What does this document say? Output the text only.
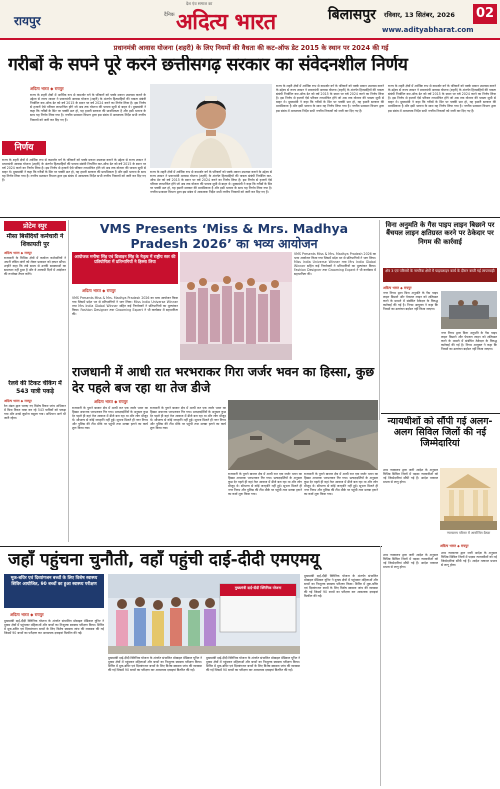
रायपुर
देश एंव समाज का
अदित्य भारत
दैनिक	बिलासपुर रविवार, 13 सितंबर, 2026 02
www.adityabharat.com
प्रधानमंत्री आवास योजना (शहरी) के लिए नियमों की वैधता की कट-ऑफ डेट 2015 के स्थान पर 2024 की गई
गरीबों के सपने पूरे करने छत्तीसगढ़ सरकार का संवेदनशील निर्णय
अदित्य भारत ◆ रायपुर
राज्य के शहरी क्षेत्रों में आर्थिक रूप से कमजोर वर्ग के परिवारों को पक्के मकान उपलब्ध कराने के उद्देश्य से राज्य शासन ने प्रधानमंत्री आवास योजना (शहरी) के अंतर्गत हितग्राहियों की पात्रता संबंधी निर्धारित कट-ऑफ डेट को वर्ष 2015 के स्थान पर वर्ष 2024 करने का निर्णय लिया है। इस निर्णय से हजारों ऐसे परिवार लाभान्वित होंगे जो अब तक योजना की पात्रता सूची से बाहर थे। मुख्यमंत्री ने कहा कि गरीबों के सिर पर पक्की छत हो, यह हमारी सरकार की प्राथमिकता है और इसी भावना के साथ यह निर्णय लिया गया है। नगरीय प्रशासन विभाग द्वारा इस संबंध में आवश्यक निर्देश सभी नगरीय निकायों को जारी कर दिए गए हैं।
निर्णय
राज्य के शहरी क्षेत्रों में आर्थिक रूप से कमजोर वर्ग के परिवारों को पक्के मकान उपलब्ध कराने के उद्देश्य से राज्य शासन ने प्रधानमंत्री आवास योजना (शहरी) के अंतर्गत हितग्राहियों की पात्रता संबंधी निर्धारित कट-ऑफ डेट को वर्ष 2015 के स्थान पर वर्ष 2024 करने का निर्णय लिया है। इस निर्णय से हजारों ऐसे परिवार लाभान्वित होंगे जो अब तक योजना की पात्रता सूची से बाहर थे। मुख्यमंत्री ने कहा कि गरीबों के सिर पर पक्की छत हो, यह हमारी सरकार की प्राथमिकता है और इसी भावना के साथ यह निर्णय लिया गया है। नगरीय प्रशासन विभाग द्वारा इस संबंध में आवश्यक निर्देश सभी नगरीय निकायों को जारी कर दिए गए हैं।
राज्य के शहरी क्षेत्रों में आर्थिक रूप से कमजोर वर्ग के परिवारों को पक्के मकान उपलब्ध कराने के उद्देश्य से राज्य शासन ने प्रधानमंत्री आवास योजना (शहरी) के अंतर्गत हितग्राहियों की पात्रता संबंधी निर्धारित कट-ऑफ डेट को वर्ष 2015 के स्थान पर वर्ष 2024 करने का निर्णय लिया है। इस निर्णय से हजारों ऐसे परिवार लाभान्वित होंगे जो अब तक योजना की पात्रता सूची से बाहर थे। मुख्यमंत्री ने कहा कि गरीबों के सिर पर पक्की छत हो, यह हमारी सरकार की प्राथमिकता है और इसी भावना के साथ यह निर्णय लिया गया है। नगरीय प्रशासन विभाग द्वारा इस संबंध में आवश्यक निर्देश सभी नगरीय निकायों को जारी कर दिए गए हैं।
राज्य के शहरी क्षेत्रों में आर्थिक रूप से कमजोर वर्ग के परिवारों को पक्के मकान उपलब्ध कराने के उद्देश्य से राज्य शासन ने प्रधानमंत्री आवास योजना (शहरी) के अंतर्गत हितग्राहियों की पात्रता संबंधी निर्धारित कट-ऑफ डेट को वर्ष 2015 के स्थान पर वर्ष 2024 करने का निर्णय लिया है। इस निर्णय से हजारों ऐसे परिवार लाभान्वित होंगे जो अब तक योजना की पात्रता सूची से बाहर थे। मुख्यमंत्री ने कहा कि गरीबों के सिर पर पक्की छत हो, यह हमारी सरकार की प्राथमिकता है और इसी भावना के साथ यह निर्णय लिया गया है। नगरीय प्रशासन विभाग द्वारा इस संबंध में आवश्यक निर्देश सभी नगरीय निकायों को जारी कर दिए गए हैं।
राज्य के शहरी क्षेत्रों में आर्थिक रूप से कमजोर वर्ग के परिवारों को पक्के मकान उपलब्ध कराने के उद्देश्य से राज्य शासन ने प्रधानमंत्री आवास योजना (शहरी) के अंतर्गत हितग्राहियों की पात्रता संबंधी निर्धारित कट-ऑफ डेट को वर्ष 2015 के स्थान पर वर्ष 2024 करने का निर्णय लिया है। इस निर्णय से हजारों ऐसे परिवार लाभान्वित होंगे जो अब तक योजना की पात्रता सूची से बाहर थे। मुख्यमंत्री ने कहा कि गरीबों के सिर पर पक्की छत हो, यह हमारी सरकार की प्राथमिकता है और इसी भावना के साथ यह निर्णय लिया गया है। नगरीय प्रशासन विभाग द्वारा इस संबंध में आवश्यक निर्देश सभी नगरीय निकायों को जारी कर दिए गए हैं।
प्रोटेम स्पुर
मीसा बिसेंदियों कर्मचारी ने शिकायती पुर
अदित्य भारत ◆ रायपुर
राजधानी के विभिन्न क्षेत्रों में कार्यरत कर्मचारियों ने अपनी लंबित मांगों को लेकर प्रशासन को ज्ञापन सौंपा। उन्होंने कहा कि लंबे समय से उनकी समस्याओं का समाधान नहीं हुआ है और वे आगामी दिनों में आंदोलन की रूपरेखा तैयार करेंगे।
रेलवे की टिकट चेकिंग में 543 यात्री पकड़े
अदित्य भारत ◆ रायपुर
रेल मंडल द्वारा चलाए गए विशेष टिकट जांच अभियान में बिना टिकट यात्रा कर रहे 543 यात्रियों को पकड़ा गया और उनसे जुर्माना वसूला गया। अभियान आगे भी जारी रहेगा।
VMS Presents ‘Miss & Mrs. Madhya Pradesh 2026’ का भव्य आयोजन
आयोजक मनीषा सिंह एवं डिजाइन सिंह के नेतृत्व में राष्ट्रीय स्तर की प्रतियोगिता में प्रतिभागियों ने हिस्सा लिया
अदित्य भारत ◆ रायपुर
VMS Presents Miss & Mrs. Madhya Pradesh 2026 का भव्य आयोजन किया गया जिसमें प्रदेश भर से प्रतिभागियों ने भाग लिया। Miss India Universe Winner तथा Mrs India Global Winner सहित कई निर्णायकों ने प्रतिभागियों का मूल्यांकन किया। Fashion Designer तथा Grooming Expert ने भी कार्यक्रम में सहभागिता की।
VMS Presents Miss & Mrs. Madhya Pradesh 2026 का भव्य आयोजन किया गया जिसमें प्रदेश भर से प्रतिभागियों ने भाग लिया। Miss India Universe Winner तथा Mrs India Global Winner सहित कई निर्णायकों ने प्रतिभागियों का मूल्यांकन किया। Fashion Designer तथा Grooming Expert ने भी कार्यक्रम में सहभागिता की।
विना अनुमति के गैस पाइप लाइन बिछाने पर बैंचयल लाइन क्षतिग्रस्त करने पर ठेकेदार पर निगम की कार्रवाई
क्षेत्र 3 एवं परिसरों के नागरिक क्षेत्रों में पाइपलाइन कार्य के दौरान बरती गई लापरवाही
अदित्य भारत ◆ रायपुर
नगर निगम द्वारा बिना अनुमति के गैस पाइप लाइन बिछाने और पेयजल लाइन को क्षतिग्रस्त करने के मामले में संबंधित ठेकेदार के विरुद्ध कार्रवाई की गई है। निगम आयुक्त ने कहा कि नियमों का उल्लंघन बर्दाश्त नहीं किया जाएगा।
नगर निगम द्वारा बिना अनुमति के गैस पाइप लाइन बिछाने और पेयजल लाइन को क्षतिग्रस्त करने के मामले में संबंधित ठेकेदार के विरुद्ध कार्रवाई की गई है। निगम आयुक्त ने कहा कि नियमों का उल्लंघन बर्दाश्त नहीं किया जाएगा।
न्यायधीशों को सौंपी गई अलग-अलग सिविल जिलों की नई जिम्मेदारियां
न्यायालय परिसर में आयोजित बैठक
अदित्य भारत ◆ रायपुर
राजधानी में आधी रात भरभराकर गिरा जर्जर भवन का हिस्सा, कुछ देर पहले बज रहा था तेज डीजे
अदित्य भारत ◆ रायपुर
राजधानी के पुराने बाजार क्षेत्र में आधी रात एक जर्जर भवन का हिस्सा अचानक भरभराकर गिर गया। प्रत्यक्षदर्शियों के अनुसार कुछ देर पहले ही वहां तेज आवाज में डीजे बज रहा था और लोग मौजूद थे। सौभाग्य से कोई जनहानि नहीं हुई। सूचना मिलते ही नगर निगम और पुलिस की टीम मौके पर पहुंची तथा मलबा हटाने का कार्य शुरू किया गया।
राजधानी के पुराने बाजार क्षेत्र में आधी रात एक जर्जर भवन का हिस्सा अचानक भरभराकर गिर गया। प्रत्यक्षदर्शियों के अनुसार कुछ देर पहले ही वहां तेज आवाज में डीजे बज रहा था और लोग मौजूद थे। सौभाग्य से कोई जनहानि नहीं हुई। सूचना मिलते ही नगर निगम और पुलिस की टीम मौके पर पहुंची तथा मलबा हटाने का कार्य शुरू किया गया।
राजधानी के पुराने बाजार क्षेत्र में आधी रात एक जर्जर भवन का हिस्सा अचानक भरभराकर गिर गया। प्रत्यक्षदर्शियों के अनुसार कुछ देर पहले ही वहां तेज आवाज में डीजे बज रहा था और लोग मौजूद थे। सौभाग्य से कोई जनहानि नहीं हुई। सूचना मिलते ही नगर निगम और पुलिस की टीम मौके पर पहुंची तथा मलबा हटाने का कार्य शुरू किया गया।
राजधानी के पुराने बाजार क्षेत्र में आधी रात एक जर्जर भवन का हिस्सा अचानक भरभराकर गिर गया। प्रत्यक्षदर्शियों के अनुसार कुछ देर पहले ही वहां तेज आवाज में डीजे बज रहा था और लोग मौजूद थे। सौभाग्य से कोई जनहानि नहीं हुई। सूचना मिलते ही नगर निगम और पुलिस की टीम मौके पर पहुंची तथा मलबा हटाने का कार्य शुरू किया गया।
उच्च न्यायालय द्वारा जारी आदेश के अनुसार विभिन्न सिविल जिलों में पदस्थ न्यायाधीशों को नई जिम्मेदारियां सौंपी गई हैं। आदेश तत्काल प्रभाव से लागू होगा।
जहाँ पहुंचना चुनौती, वहाँ पहुंची दाई-दीदी एमएमयू
मूक-बधिर एवं दिव्यांगजन बच्चों के लिए विशेष स्वास्थ्य शिविर आयोजित, 90 बच्चों का हुआ स्वास्थ्य परीक्षण
अदित्य भारत ◆ रायपुर
मुख्यमंत्री दाई-दीदी क्लिनिक योजना के अंतर्गत संचालित मोबाइल मेडिकल यूनिट ने दूरस्थ क्षेत्रों में पहुंचकर महिलाओं और बच्चों का निःशुल्क स्वास्थ्य परीक्षण किया। शिविर में मूक-बधिर एवं दिव्यांगजन बच्चों के लिए विशेष स्वास्थ्य जांच की व्यवस्था की गई जिसमें 90 बच्चों का परीक्षण कर आवश्यक दवाइयां वितरित की गईं।
मुख्यमंत्री दाई-दीदी क्लिनिक योजना
मुख्यमंत्री दाई-दीदी क्लिनिक योजना के अंतर्गत संचालित मोबाइल मेडिकल यूनिट ने दूरस्थ क्षेत्रों में पहुंचकर महिलाओं और बच्चों का निःशुल्क स्वास्थ्य परीक्षण किया। शिविर में मूक-बधिर एवं दिव्यांगजन बच्चों के लिए विशेष स्वास्थ्य जांच की व्यवस्था की गई जिसमें 90 बच्चों का परीक्षण कर आवश्यक दवाइयां वितरित की गईं।
मुख्यमंत्री दाई-दीदी क्लिनिक योजना के अंतर्गत संचालित मोबाइल मेडिकल यूनिट ने दूरस्थ क्षेत्रों में पहुंचकर महिलाओं और बच्चों का निःशुल्क स्वास्थ्य परीक्षण किया। शिविर में मूक-बधिर एवं दिव्यांगजन बच्चों के लिए विशेष स्वास्थ्य जांच की व्यवस्था की गई जिसमें 90 बच्चों का परीक्षण कर आवश्यक दवाइयां वितरित की गईं।
मुख्यमंत्री दाई-दीदी क्लिनिक योजना के अंतर्गत संचालित मोबाइल मेडिकल यूनिट ने दूरस्थ क्षेत्रों में पहुंचकर महिलाओं और बच्चों का निःशुल्क स्वास्थ्य परीक्षण किया। शिविर में मूक-बधिर एवं दिव्यांगजन बच्चों के लिए विशेष स्वास्थ्य जांच की व्यवस्था की गई जिसमें 90 बच्चों का परीक्षण कर आवश्यक दवाइयां वितरित की गईं।
उच्च न्यायालय द्वारा जारी आदेश के अनुसार विभिन्न सिविल जिलों में पदस्थ न्यायाधीशों को नई जिम्मेदारियां सौंपी गई हैं। आदेश तत्काल प्रभाव से लागू होगा।
उच्च न्यायालय द्वारा जारी आदेश के अनुसार विभिन्न सिविल जिलों में पदस्थ न्यायाधीशों को नई जिम्मेदारियां सौंपी गई हैं। आदेश तत्काल प्रभाव से लागू होगा।
